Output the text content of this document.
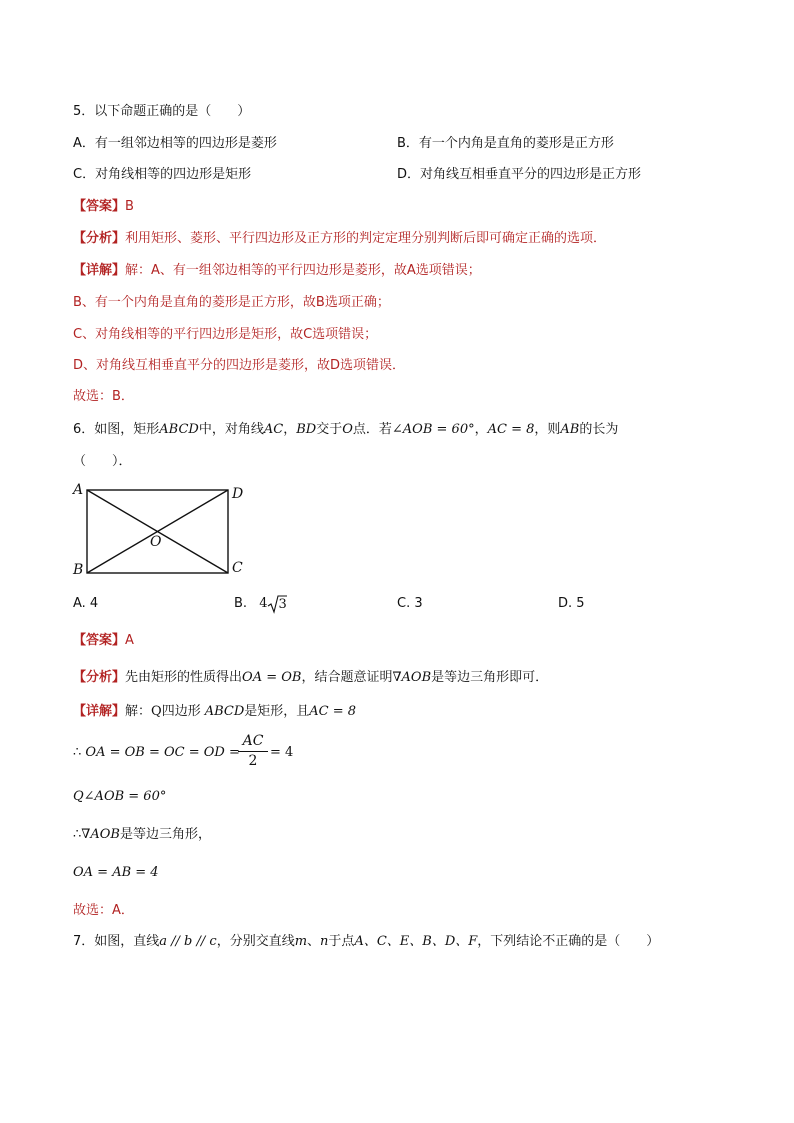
5．以下命题正确的是（　　）
A．有一组邻边相等的四边形是菱形	B．有一个内角是直角的菱形是正方形
C．对角线相等的四边形是矩形	D．对角线互相垂直平分的四边形是正方形
【答案】B
【分析】利用矩形、菱形、平行四边形及正方形的判定定理分别判断后即可确定正确的选项．
【详解】解：A、有一组邻边相等的平行四边形是菱形，故A选项错误；
B、有一个内角是直角的菱形是正方形，故B选项正确；
C、对角线相等的平行四边形是矩形，故C选项错误；
D、对角线互相垂直平分的四边形是菱形，故D选项错误．
故选：B．
6．如图，矩形ABCD中，对角线AC，BD交于O点．若∠AOB = 60°，AC = 8，则AB的长为
（　　）．
A	D
B	C
O
A. 4	B. 4 3	C. 3	D. 5
【答案】A
【分析】先由矩形的性质得出OA = OB，结合题意证明∇AOB是等边三角形即可．
【详解】解：Q四边形 ABCD是矩形，且AC = 8
∴ OA = OB = OC = OD =
AC
2
= 4
Q∠AOB = 60°
∴∇AOB是等边三角形，
OA = AB = 4
故选：A．
7．如图，直线a // b // c，分别交直线m、n于点A、C、E、B、D、F，下列结论不正确的是（　　）
